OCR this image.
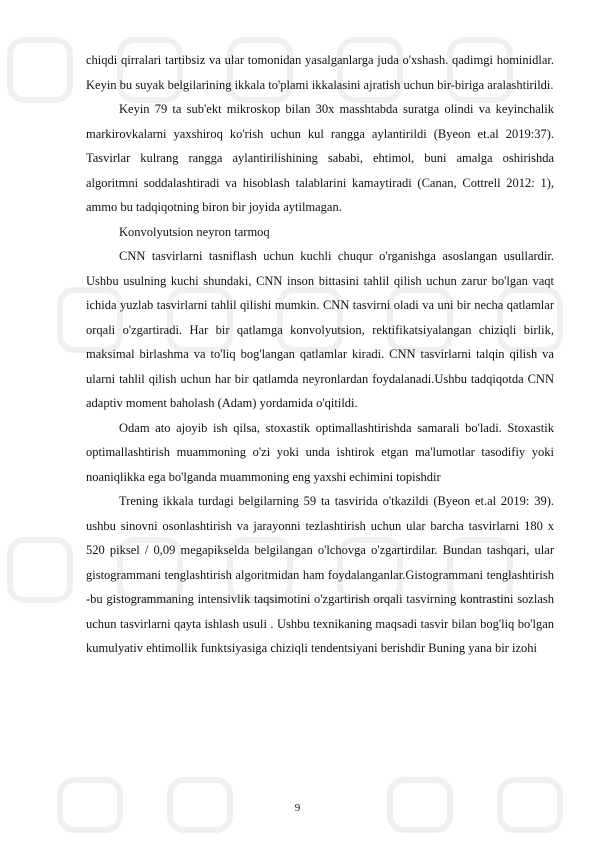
chiqdi qirralari tartibsiz va ular tomonidan yasalganlarga juda o'xshash. qadimgi hominidlar. Keyin bu suyak belgilarining ikkala to'plami ikkalasini ajratish uchun bir-biriga aralashtirildi.

Keyin 79 ta sub'ekt mikroskop bilan 30x masshtabda suratga olindi va keyinchalik markirovkalarni yaxshiroq ko'rish uchun kul rangga aylantirildi (Byeon et.al 2019:37). Tasvirlar kulrang rangga aylantirilishining sababi, ehtimol, buni amalga oshirishda algoritmni soddalashtiradi va hisoblash talablarini kamaytiradi (Canan, Cottrell 2012: 1), ammo bu tadqiqotning biron bir joyida aytilmagan.

Konvolyutsion neyron tarmoq

CNN tasvirlarni tasniflash uchun kuchli chuqur o'rganishga asoslangan usullardir. Ushbu usulning kuchi shundaki, CNN inson bittasini tahlil qilish uchun zarur bo'lgan vaqt ichida yuzlab tasvirlarni tahlil qilishi mumkin. CNN tasvirni oladi va uni bir necha qatlamlar orqali o'zgartiradi. Har bir qatlamga konvolyutsion, rektifikatsiyalangan chiziqli birlik, maksimal birlashma va to'liq bog'langan qatlamlar kiradi. CNN tasvirlarni talqin qilish va ularni tahlil qilish uchun har bir qatlamda neyronlardan foydalanadi.Ushbu tadqiqotda CNN adaptiv moment baholash (Adam) yordamida o'qitildi.

Odam ato ajoyib ish qilsa, stoxastik optimallashtirishda samarali bo'ladi. Stoxastik optimallashtirish muammoning o'zi yoki unda ishtirok etgan ma'lumotlar tasodifiy yoki noaniqlikka ega bo'lganda muammoning eng yaxshi echimini topishdir

Trening ikkala turdagi belgilarning 59 ta tasvirida o'tkazildi (Byeon et.al 2019: 39). ushbu sinovni osonlashtirish va jarayonni tezlashtirish uchun ular barcha tasvirlarni 180 x 520 piksel / 0,09 megapikselda belgilangan o'lchovga o'zgartirdilar. Bundan tashqari, ular gistogrammani tenglashtirish algoritmidan ham foydalanganlar.Gistogrammani tenglashtirish -bu gistogrammaning intensivlik taqsimotini o'zgartirish orqali tasvirning kontrastini sozlash uchun tasvirlarni qayta ishlash usuli . Ushbu texnikaning maqsadi tasvir bilan bog'liq bo'lgan kumulyativ ehtimollik funktsiyasiga chiziqli tendentsiyani berishdir Buning yana bir izohi

9
